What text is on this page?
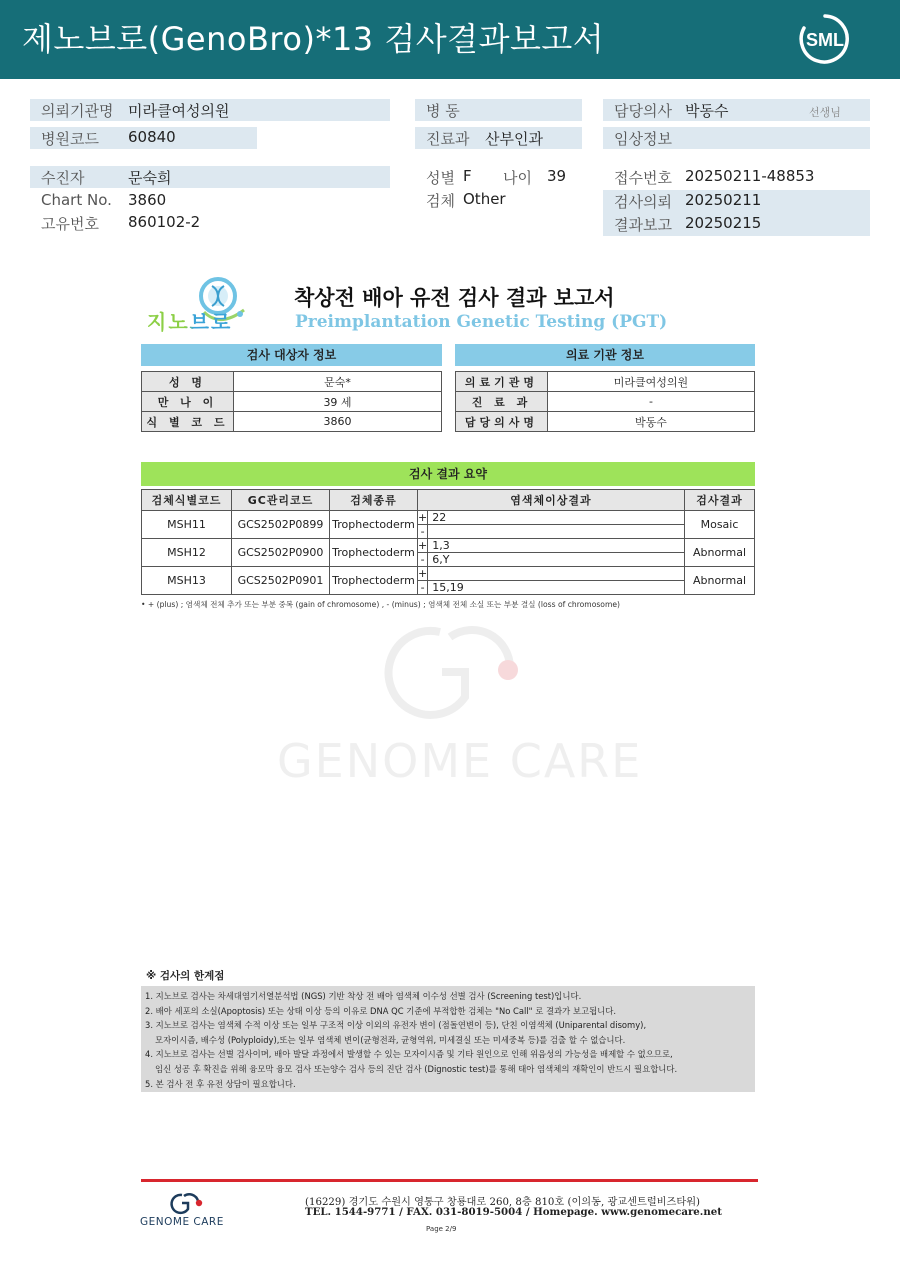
제노브로(GenoBro)*13 검사결과보고서	SML
의뢰기관명 미라클여성의원
병원코드 60840
수진자	문숙희
Chart No. 3860
고유번호 860102-2
병 동
진료과 산부인과
성별 F 나이 39
검체 Other
담당의사 박동수	선생님
임상정보
접수번호 20250211-48853
검사의뢰 20250211
결과보고 20250215
지노브로
착상전 배아 유전 검사 결과 보고서
Preimplantation Genetic Testing (PGT)
검사 대상자 정보
성 명	문숙*
만 나 이	39 세
식 별 코 드	3860
의료 기관 정보
의료기관명	미라클여성의원
진 료 과	-
담당의사명	박동수
검사 결과 요약
검체식별코드	GC관리코드	검체종류	염색체이상결과		검사결과
MSH11	GCS2502P0899	Trophectoderm	+	22	Mosaic
			-		
MSH12	GCS2502P0900	Trophectoderm	+	1,3	Abnormal
			-	6,Y	
MSH13	GCS2502P0901	Trophectoderm	+		Abnormal
			-	15,19	
• + (plus) ; 염색체 전체 추가 또는 부분 중복 (gain of chromosome) , - (minus) ; 염색체 전체 소실 또는 부분 결실 (loss of chromosome)
GENOME CARE
※ 검사의 한계점
1. 지노브로 검사는 차세대염기서열분석법 (NGS) 기반 착상 전 배아 염색체 이수성 선별 검사 (Screening test)입니다.
2. 배아 세포의 소실(Apoptosis) 또는 상태 이상 등의 이유로 DNA QC 기준에 부적합한 검체는 "No Call" 로 결과가 보고됩니다.
3. 지노브로 검사는 염색체 수적 이상 또는 일부 구조적 이상 이외의 유전자 변이 (점돌연변이 등), 단친 이염색체 (Uniparental disomy),
모자이시즘, 배수성 (Polyploidy),또는 일부 염색체 변이(균형전좌, 균형역위, 미세결실 또는 미세중복 등)를 검출 할 수 없습니다.
4. 지노브로 검사는 선별 검사이며, 배아 발달 과정에서 발생할 수 있는 모자이시즘 및 기타 원인으로 인해 위음성의 가능성을 배제할 수 없으므로,
임신 성공 후 확진을 위해 융모막 융모 검사 또는양수 검사 등의 진단 검사 (Dignostic test)를 통해 태아 염색체의 재확인이 반드시 필요합니다.
5. 본 검사 전 후 유전 상담이 필요합니다.
GENOME CARE
(16229) 경기도 수원시 영통구 창룡대로 260, 8층 810호 (이의동, 광교센트럴비즈타워)
TEL. 1544-9771 / FAX. 031-8019-5004 / Homepage. www.genomecare.net
Page 2/9
